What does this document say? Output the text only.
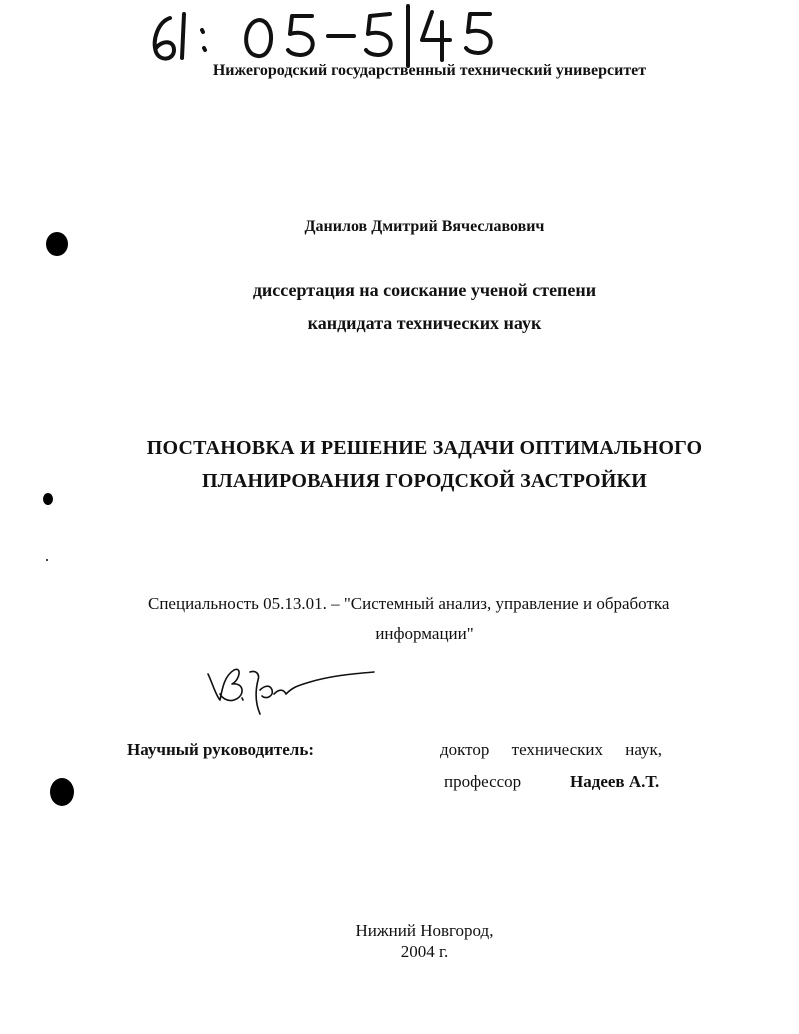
Нижегородский государственный технический университет
Данилов Дмитрий Вячеславович
диссертация на соискание ученой степени
кандидата технических наук
ПОСТАНОВКА И РЕШЕНИЕ ЗАДАЧИ ОПТИМАЛЬНОГО
ПЛАНИРОВАНИЯ ГОРОДСКОЙ ЗАСТРОЙКИ
Специальность 05.13.01. – "Системный анализ, управление и обработка
информации"
Научный руководитель:	доктор технических наук,
профессор	Надеев А.Т.
Нижний Новгород,
2004 г.
